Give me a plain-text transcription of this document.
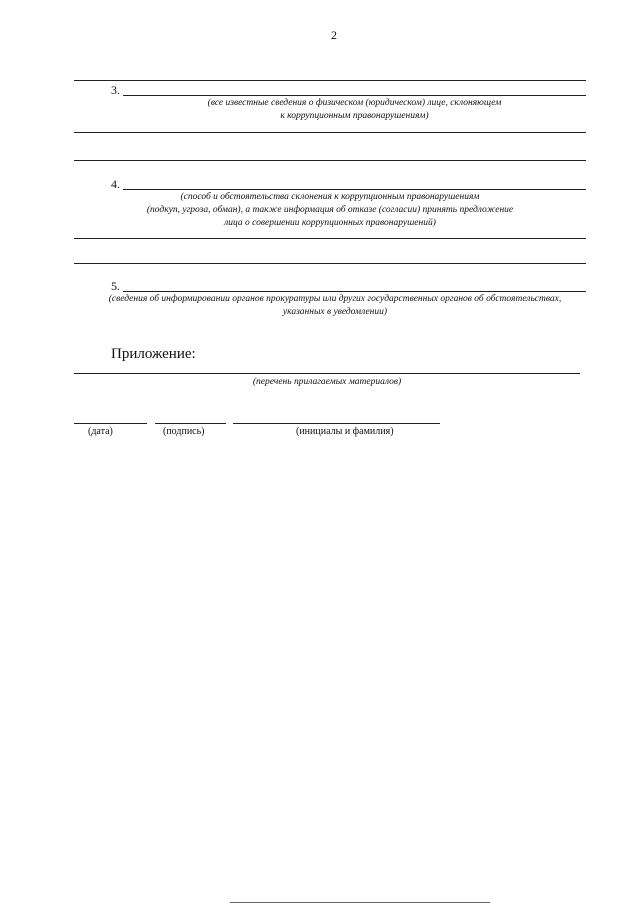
2
3.
(все известные сведения о физическом (юридическом) лице, склоняющем
к коррупционным правонарушениям)
4.
(способ и обстоятельства склонения к коррупционным правонарушениям
(подкуп, угроза, обман), а также информация об отказе (согласии) принять предложение
лица о совершении коррупционных правонарушений)
5.
(сведения об информировании органов прокуратуры или других государственных органов об обстоятельствах,
указанных в уведомлении)
Приложение:
(перечень прилагаемых материалов)
(дата)	(подпись)	(инициалы и фамилия)
